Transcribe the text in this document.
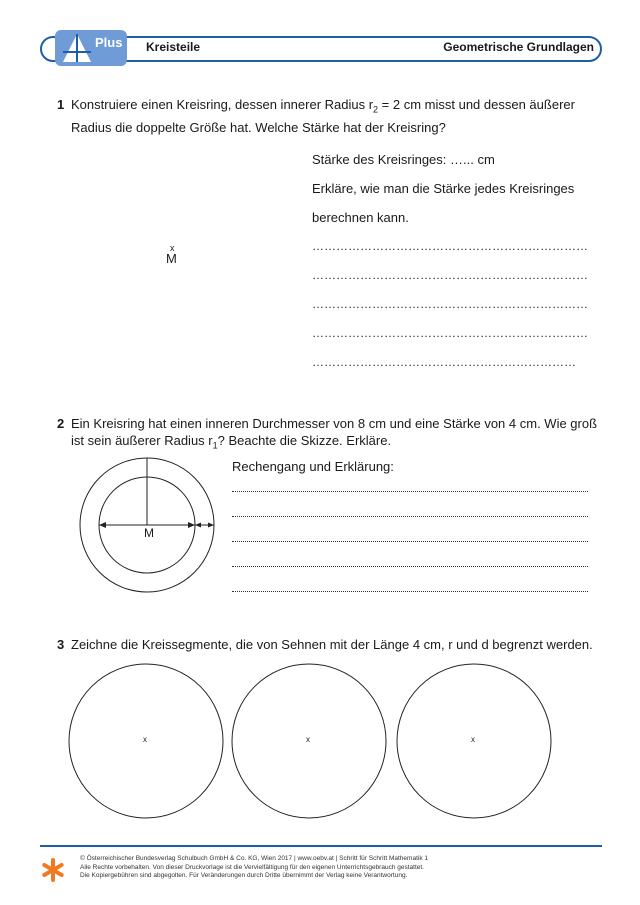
Plus Kreisteile	Geometrische Grundlagen
1 Konstruiere einen Kreisring, dessen innerer Radius $r_2 = 2$ cm misst und dessen äußerer
Radius die doppelte Größe hat. Welche Stärke hat der Kreisring?
x
M
Stärke des Kreisringes: …... cm
Erkläre, wie man die Stärke jedes Kreisringes
berechnen kann.
……………………………………………………………
……………………………………………………………
……………………………………………………………
……………………………………………………………
…………………………………………………………
2 Ein Kreisring hat einen inneren Durchmesser von 8 cm und eine Stärke von 4 cm. Wie groß
ist sein äußerer Radius $r_1$? Beachte die Skizze. Erkläre.
M
Rechengang und Erklärung:
3 Zeichne die Kreissegmente, die von Sehnen mit der Länge 4 cm, r und d begrenzt werden.
x	x	x
© Österreichischer Bundesverlag Schulbuch GmbH & Co. KG, Wien 2017 | www.oebv.at | Schritt für Schritt Mathematik 1
Alle Rechte vorbehalten. Von dieser Druckvorlage ist die Vervielfältigung für den eigenen Unterrichtsgebrauch gestattet.
Die Kopiergebühren sind abgegolten. Für Veränderungen durch Dritte übernimmt der Verlag keine Verantwortung.
